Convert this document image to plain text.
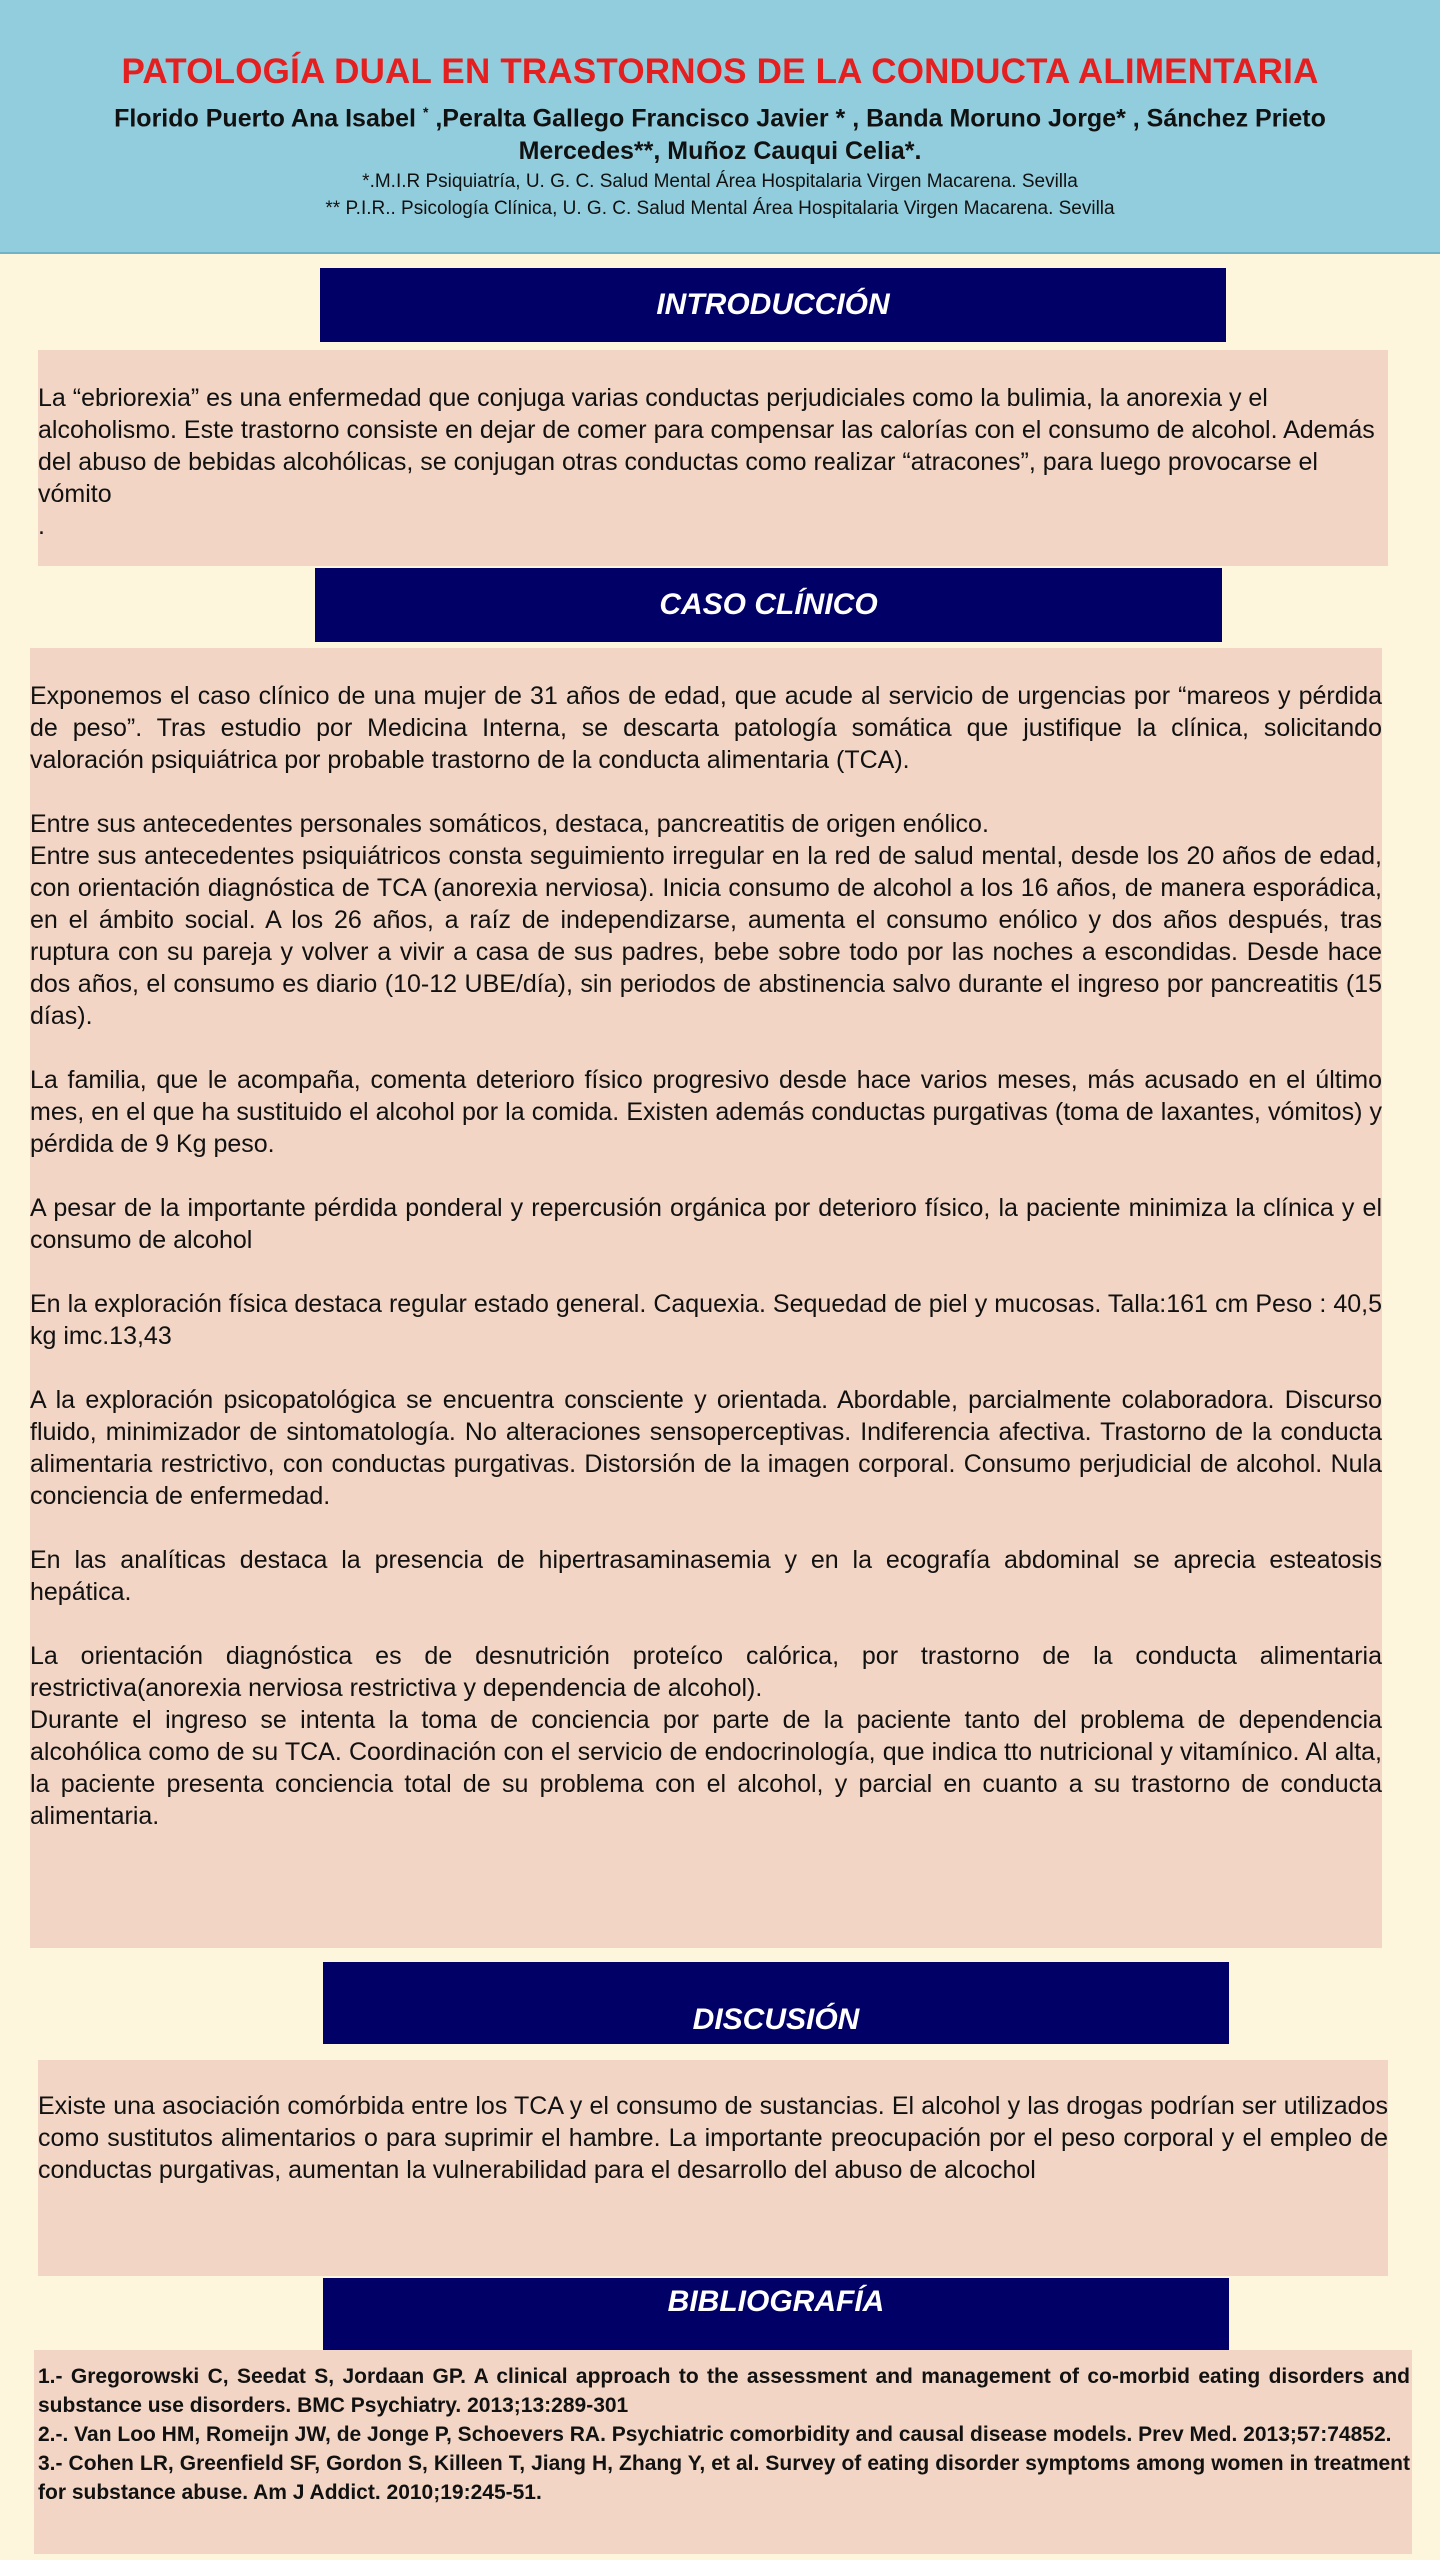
PATOLOGÍA DUAL EN TRASTORNOS DE LA CONDUCTA ALIMENTARIA
Florido Puerto Ana Isabel * ,Peralta Gallego Francisco Javier * , Banda Moruno Jorge* , Sánchez Prieto
Mercedes**, Muñoz Cauqui Celia*.
*.M.I.R Psiquiatría, U. G. C. Salud Mental Área Hospitalaria Virgen Macarena. Sevilla
** P.I.R.. Psicología Clínica, U. G. C. Salud Mental Área Hospitalaria Virgen Macarena. Sevilla
INTRODUCCIÓN

La “ebriorexia” es una enfermedad que conjuga varias conductas perjudiciales como la bulimia, la anorexia y el alcoholismo. Este trastorno consiste en dejar de comer para compensar las calorías con el consumo de alcohol. Además del abuso de bebidas alcohólicas, se conjugan otras conductas como realizar “atracones”, para luego provocarse el vómito

.

CASO CLÍNICO

Exponemos el caso clínico de una mujer de 31 años de edad, que acude al servicio de urgencias por “mareos y pérdida de peso”. Tras estudio por Medicina Interna, se descarta patología somática que justifique la clínica, solicitando valoración psiquiátrica por probable trastorno de la conducta alimentaria (TCA).

Entre sus antecedentes personales somáticos, destaca, pancreatitis de origen enólico.

Entre sus antecedentes psiquiátricos consta seguimiento irregular en la red de salud mental, desde los 20 años de edad, con orientación diagnóstica de TCA (anorexia nerviosa). Inicia consumo de alcohol a los 16 años, de manera esporádica, en el ámbito social. A los 26 años, a raíz de independizarse, aumenta el consumo enólico y dos años después, tras ruptura con su pareja y volver a vivir a casa de sus padres, bebe sobre todo por las noches a escondidas. Desde hace dos años, el consumo es diario (10-12 UBE/día), sin periodos de abstinencia salvo durante el ingreso por pancreatitis (15 días).

La familia, que le acompaña, comenta deterioro físico progresivo desde hace varios meses, más acusado en el último mes, en el que ha sustituido el alcohol por la comida. Existen además conductas purgativas (toma de laxantes, vómitos) y pérdida de 9 Kg peso.

A pesar de la importante pérdida ponderal y repercusión orgánica por deterioro físico, la paciente minimiza la clínica y el consumo de alcohol

En la exploración física destaca regular estado general. Caquexia. Sequedad de piel y mucosas. Talla:161 cm Peso : 40,5 kg imc.13,43

A la exploración psicopatológica se encuentra consciente y orientada. Abordable, parcialmente colaboradora. Discurso fluido, minimizador de sintomatología. No alteraciones sensoperceptivas. Indiferencia afectiva. Trastorno de la conducta alimentaria restrictivo, con conductas purgativas. Distorsión de la imagen corporal. Consumo perjudicial de alcohol. Nula conciencia de enfermedad.

En las analíticas destaca la presencia de hipertrasaminasemia y en la ecografía abdominal se aprecia esteatosis hepática.

La orientación diagnóstica es de desnutrición proteíco calórica, por trastorno de la conducta alimentaria restrictiva(anorexia nerviosa restrictiva y dependencia de alcohol).

Durante el ingreso se intenta la toma de conciencia por parte de la paciente tanto del problema de dependencia alcohólica como de su TCA. Coordinación con el servicio de endocrinología, que indica tto nutricional y vitamínico. Al alta, la paciente presenta conciencia total de su problema con el alcohol, y parcial en cuanto a su trastorno de conducta alimentaria.

DISCUSIÓN

Existe una asociación comórbida entre los TCA y el consumo de sustancias. El alcohol y las drogas podrían ser utilizados como sustitutos alimentarios o para suprimir el hambre. La importante preocupación por el peso corporal y el empleo de conductas purgativas, aumentan la vulnerabilidad para el desarrollo del abuso de alcochol

BIBLIOGRAFÍA

1.- Gregorowski C, Seedat S, Jordaan GP. A clinical approach to the assessment and management of co-morbid eating disorders and substance use disorders. BMC Psychiatry. 2013;13:289-301

2.-. Van Loo HM, Romeijn JW, de Jonge P, Schoevers RA. Psychiatric comorbidity and causal disease models. Prev Med. 2013;57:74852.

3.- Cohen LR, Greenfield SF, Gordon S, Killeen T, Jiang H, Zhang Y, et al. Survey of eating disorder symptoms among women in treatment for substance abuse. Am J Addict. 2010;19:245-51.
